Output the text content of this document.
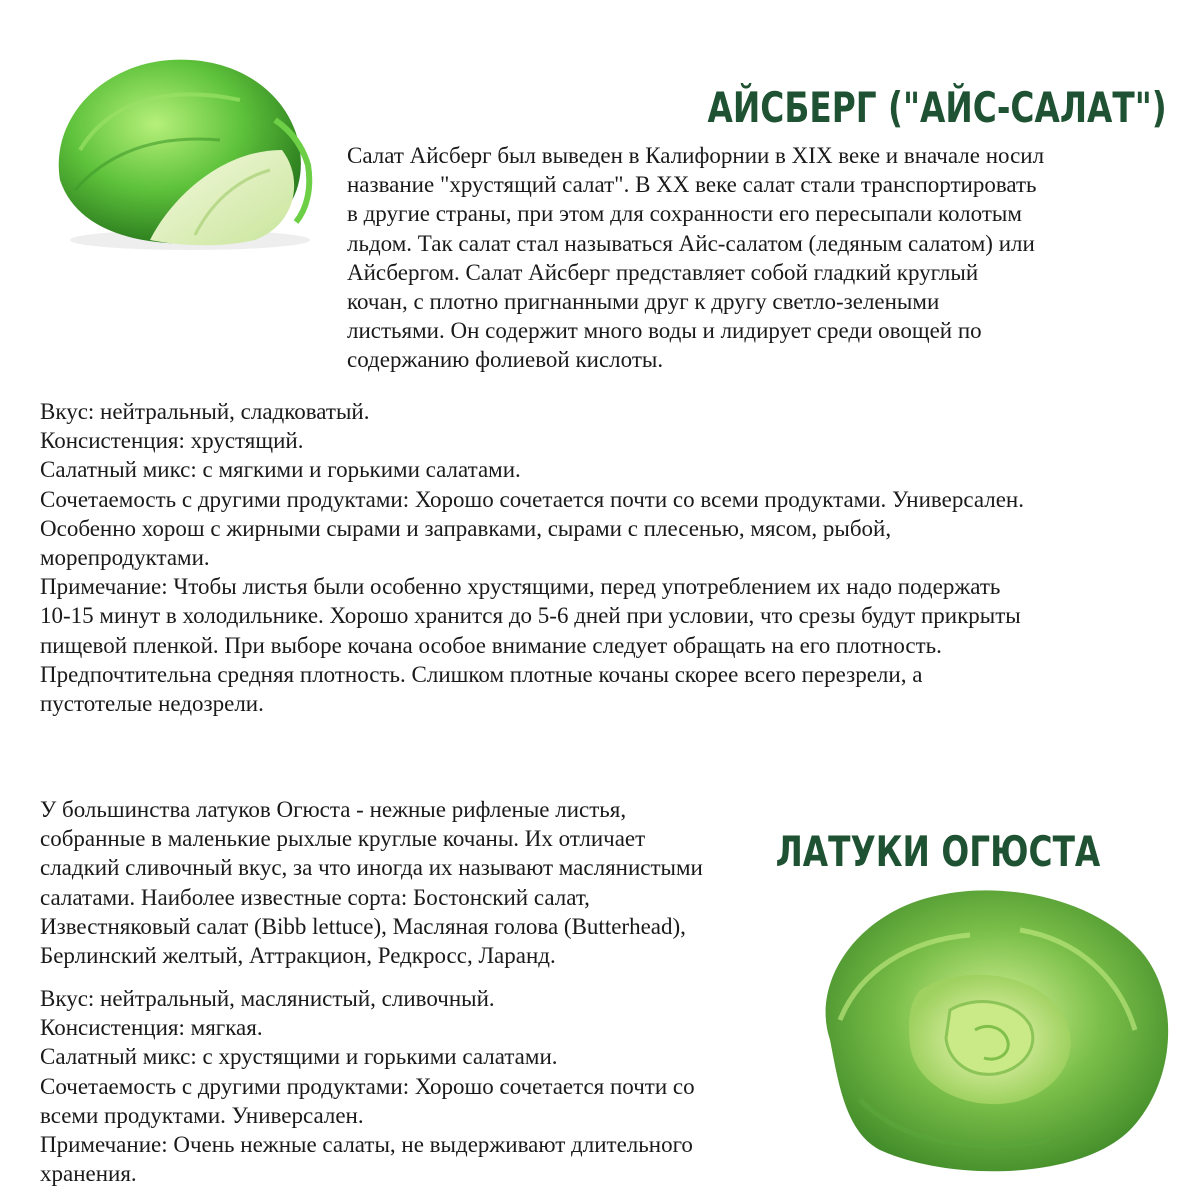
АЙСБЕРГ ("АЙС-САЛАТ")

Салат Айсберг был выведен в Калифорнии в XIX веке и вначале носил
название "хрустящий салат". В XX веке салат стали транспортировать
в другие страны, при этом для сохранности его пересыпали колотым
льдом. Так салат стал называться Айс-салатом (ледяным салатом) или
Айсбергом. Салат Айсберг представляет собой гладкий круглый
кочан, с плотно пригнанными друг к другу светло-зелеными
листьями. Он содержит много воды и лидирует среди овощей по
содержанию фолиевой кислоты.

Вкус: нейтральный, сладковатый.
Консистенция: хрустящий.
Салатный микс: с мягкими и горькими салатами.
Сочетаемость с другими продуктами: Хорошо сочетается почти со всеми продуктами. Универсален.
Особенно хорош с жирными сырами и заправками, сырами с плесенью, мясом, рыбой,
морепродуктами.
Примечание: Чтобы листья были особенно хрустящими, перед употреблением их надо подержать
10-15 минут в холодильнике. Хорошо хранится до 5-6 дней при условии, что срезы будут прикрыты
пищевой пленкой. При выборе кочана особое внимание следует обращать на его плотность.
Предпочтительна средняя плотность. Слишком плотные кочаны скорее всего перезрели, а
пустотелые недозрели.

У большинства латуков Огюста - нежные рифленые листья,
собранные в маленькие рыхлые круглые кочаны. Их отличает
сладкий сливочный вкус, за что иногда их называют маслянистыми
салатами. Наиболее известные сорта: Бостонский салат,
Известняковый салат (Bibb lettuce), Масляная голова (Butterhead),
Берлинский желтый, Аттракцион, Редкросс, Ларанд.

ЛАТУКИ ОГЮСТА

Вкус: нейтральный, маслянистый, сливочный.
Консистенция: мягкая.
Салатный микс: с хрустящими и горькими салатами.
Сочетаемость с другими продуктами: Хорошо сочетается почти со
всеми продуктами. Универсален.
Примечание: Очень нежные салаты, не выдерживают длительного
хранения.
